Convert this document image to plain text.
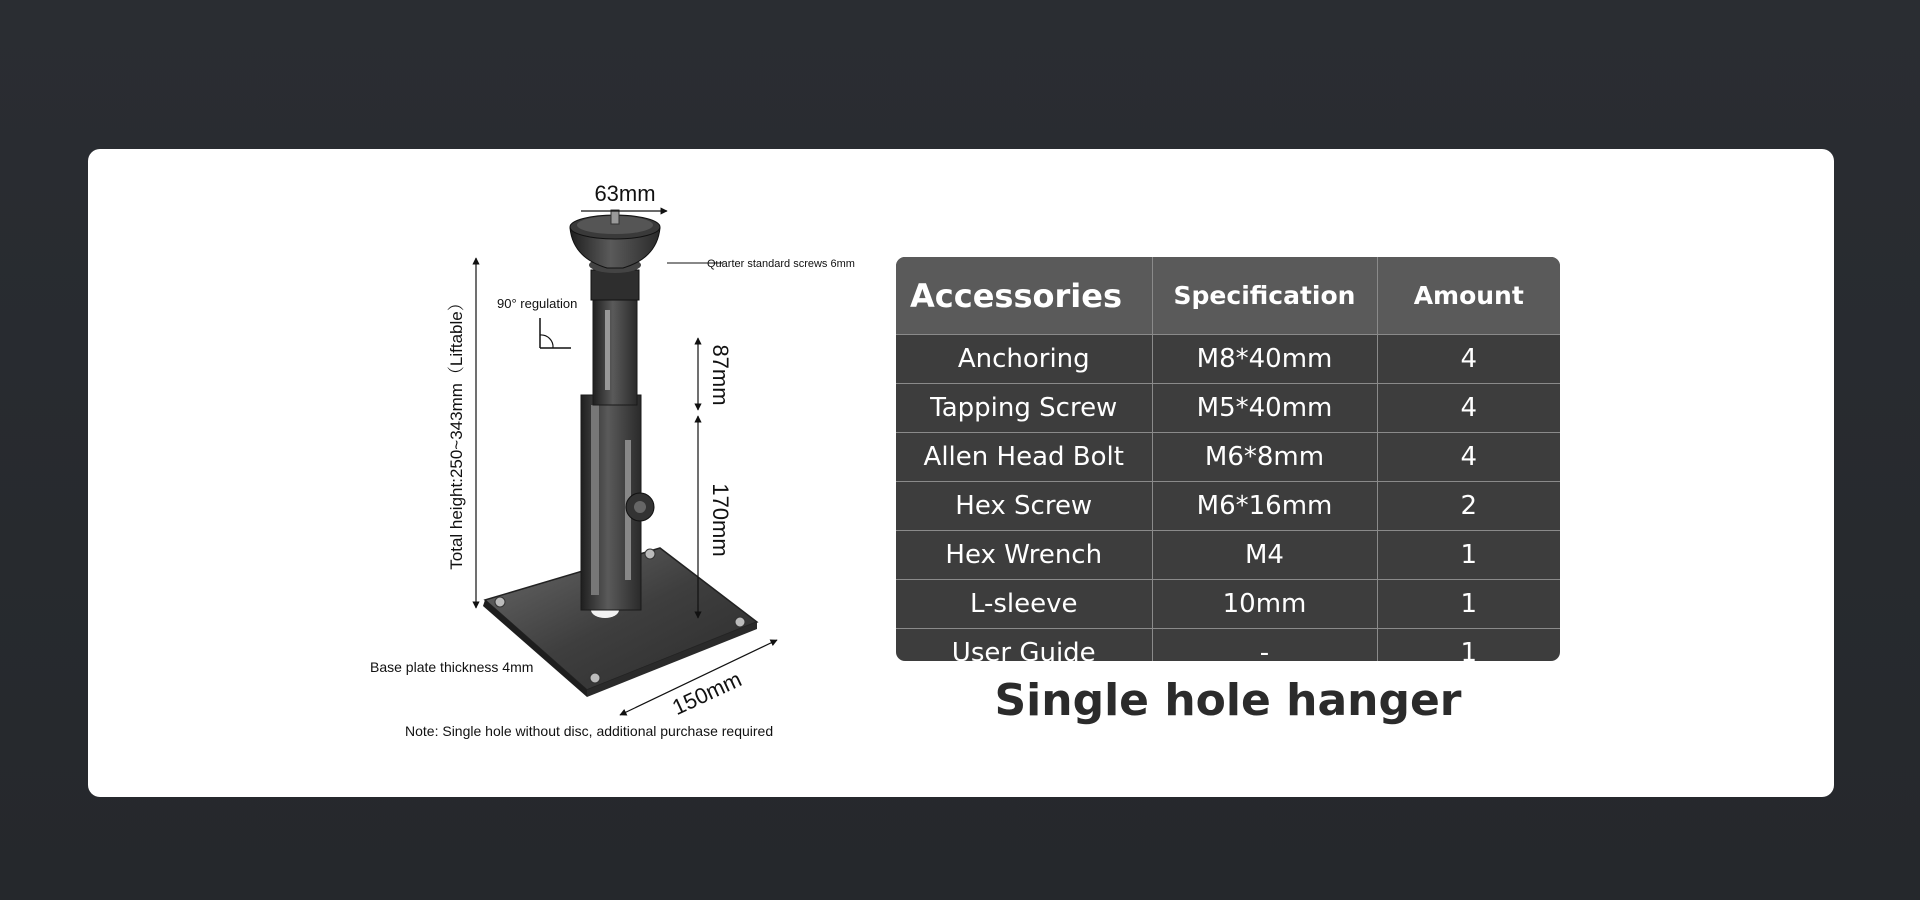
63mm
Quarter standard screws 6mm
90° regulation
Total height:250~343mm（Liftable）	87mm
170mm
150mm
Base plate thickness 4mm
Note: Single hole without disc, additional purchase required
Accessories	Specification	Amount
Anchoring	M8*40mm	4
Tapping Screw	M5*40mm	4
Allen Head Bolt	M6*8mm	4
Hex Screw	M6*16mm	2
Hex Wrench	M4	1
L-sleeve	10mm	1
User Guide	-	1
Single hole hanger
